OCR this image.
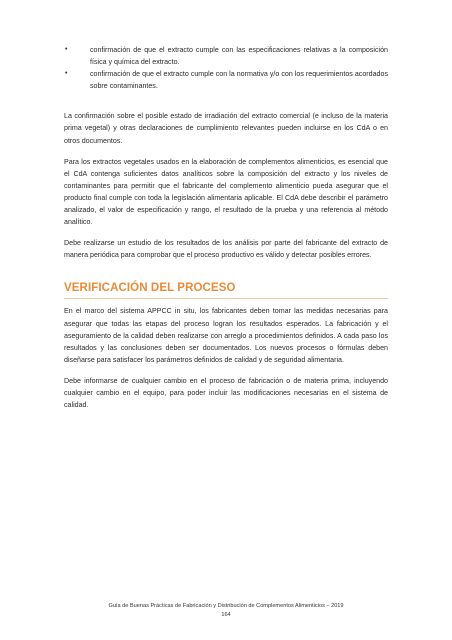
•	confirmación de que el extracto cumple con las especificaciones relativas a la composición física y química del extracto.
•	confirmación de que el extracto cumple con la normativa y/o con los requerimientos acordados sobre contaminantes.

La confirmación sobre el posible estado de irradiación del extracto comercial (e incluso de la materia prima vegetal) y otras declaraciones de cumplimiento relevantes pueden incluirse en los CdA o en otros documentos.

Para los extractos vegetales usados en la elaboración de complementos alimenticios, es esencial que el CdA contenga suficientes datos analíticos sobre la composición del extracto y los niveles de contaminantes para permitir que el fabricante del complemento alimenticio pueda asegurar que el producto final cumple con toda la legislación alimentaria aplicable. El CdA debe describir el parámetro analizado, el valor de especificación y rango, el resultado de la prueba y una referencia al método analítico.

Debe realizarse un estudio de los resultados de los análisis por parte del fabricante del extracto de manera periódica para comprobar que el proceso productivo es válido y detectar posibles errores.

VERIFICACIÓN DEL PROCESO

En el marco del sistema APPCC in situ, los fabricantes deben tomar las medidas necesarias para asegurar que todas las etapas del proceso logran los resultados esperados. La fabricación y el aseguramiento de la calidad deben realizarse con arreglo a procedimientos definidos. A cada paso los resultados y las conclusiones deben ser documentados. Los nuevos procesos o fórmulas deben diseñarse para satisfacer los parámetros definidos de calidad y de seguridad alimentaria.

Debe informarse de cualquier cambio en el proceso de fabricación o de materia prima, incluyendo cualquier cambio en el equipo, para poder incluir las modificaciones necesarias en el sistema de calidad.

Guía de Buenas Prácticas de Fabricación y Distribución de Complementos Alimenticios – 2019
164
